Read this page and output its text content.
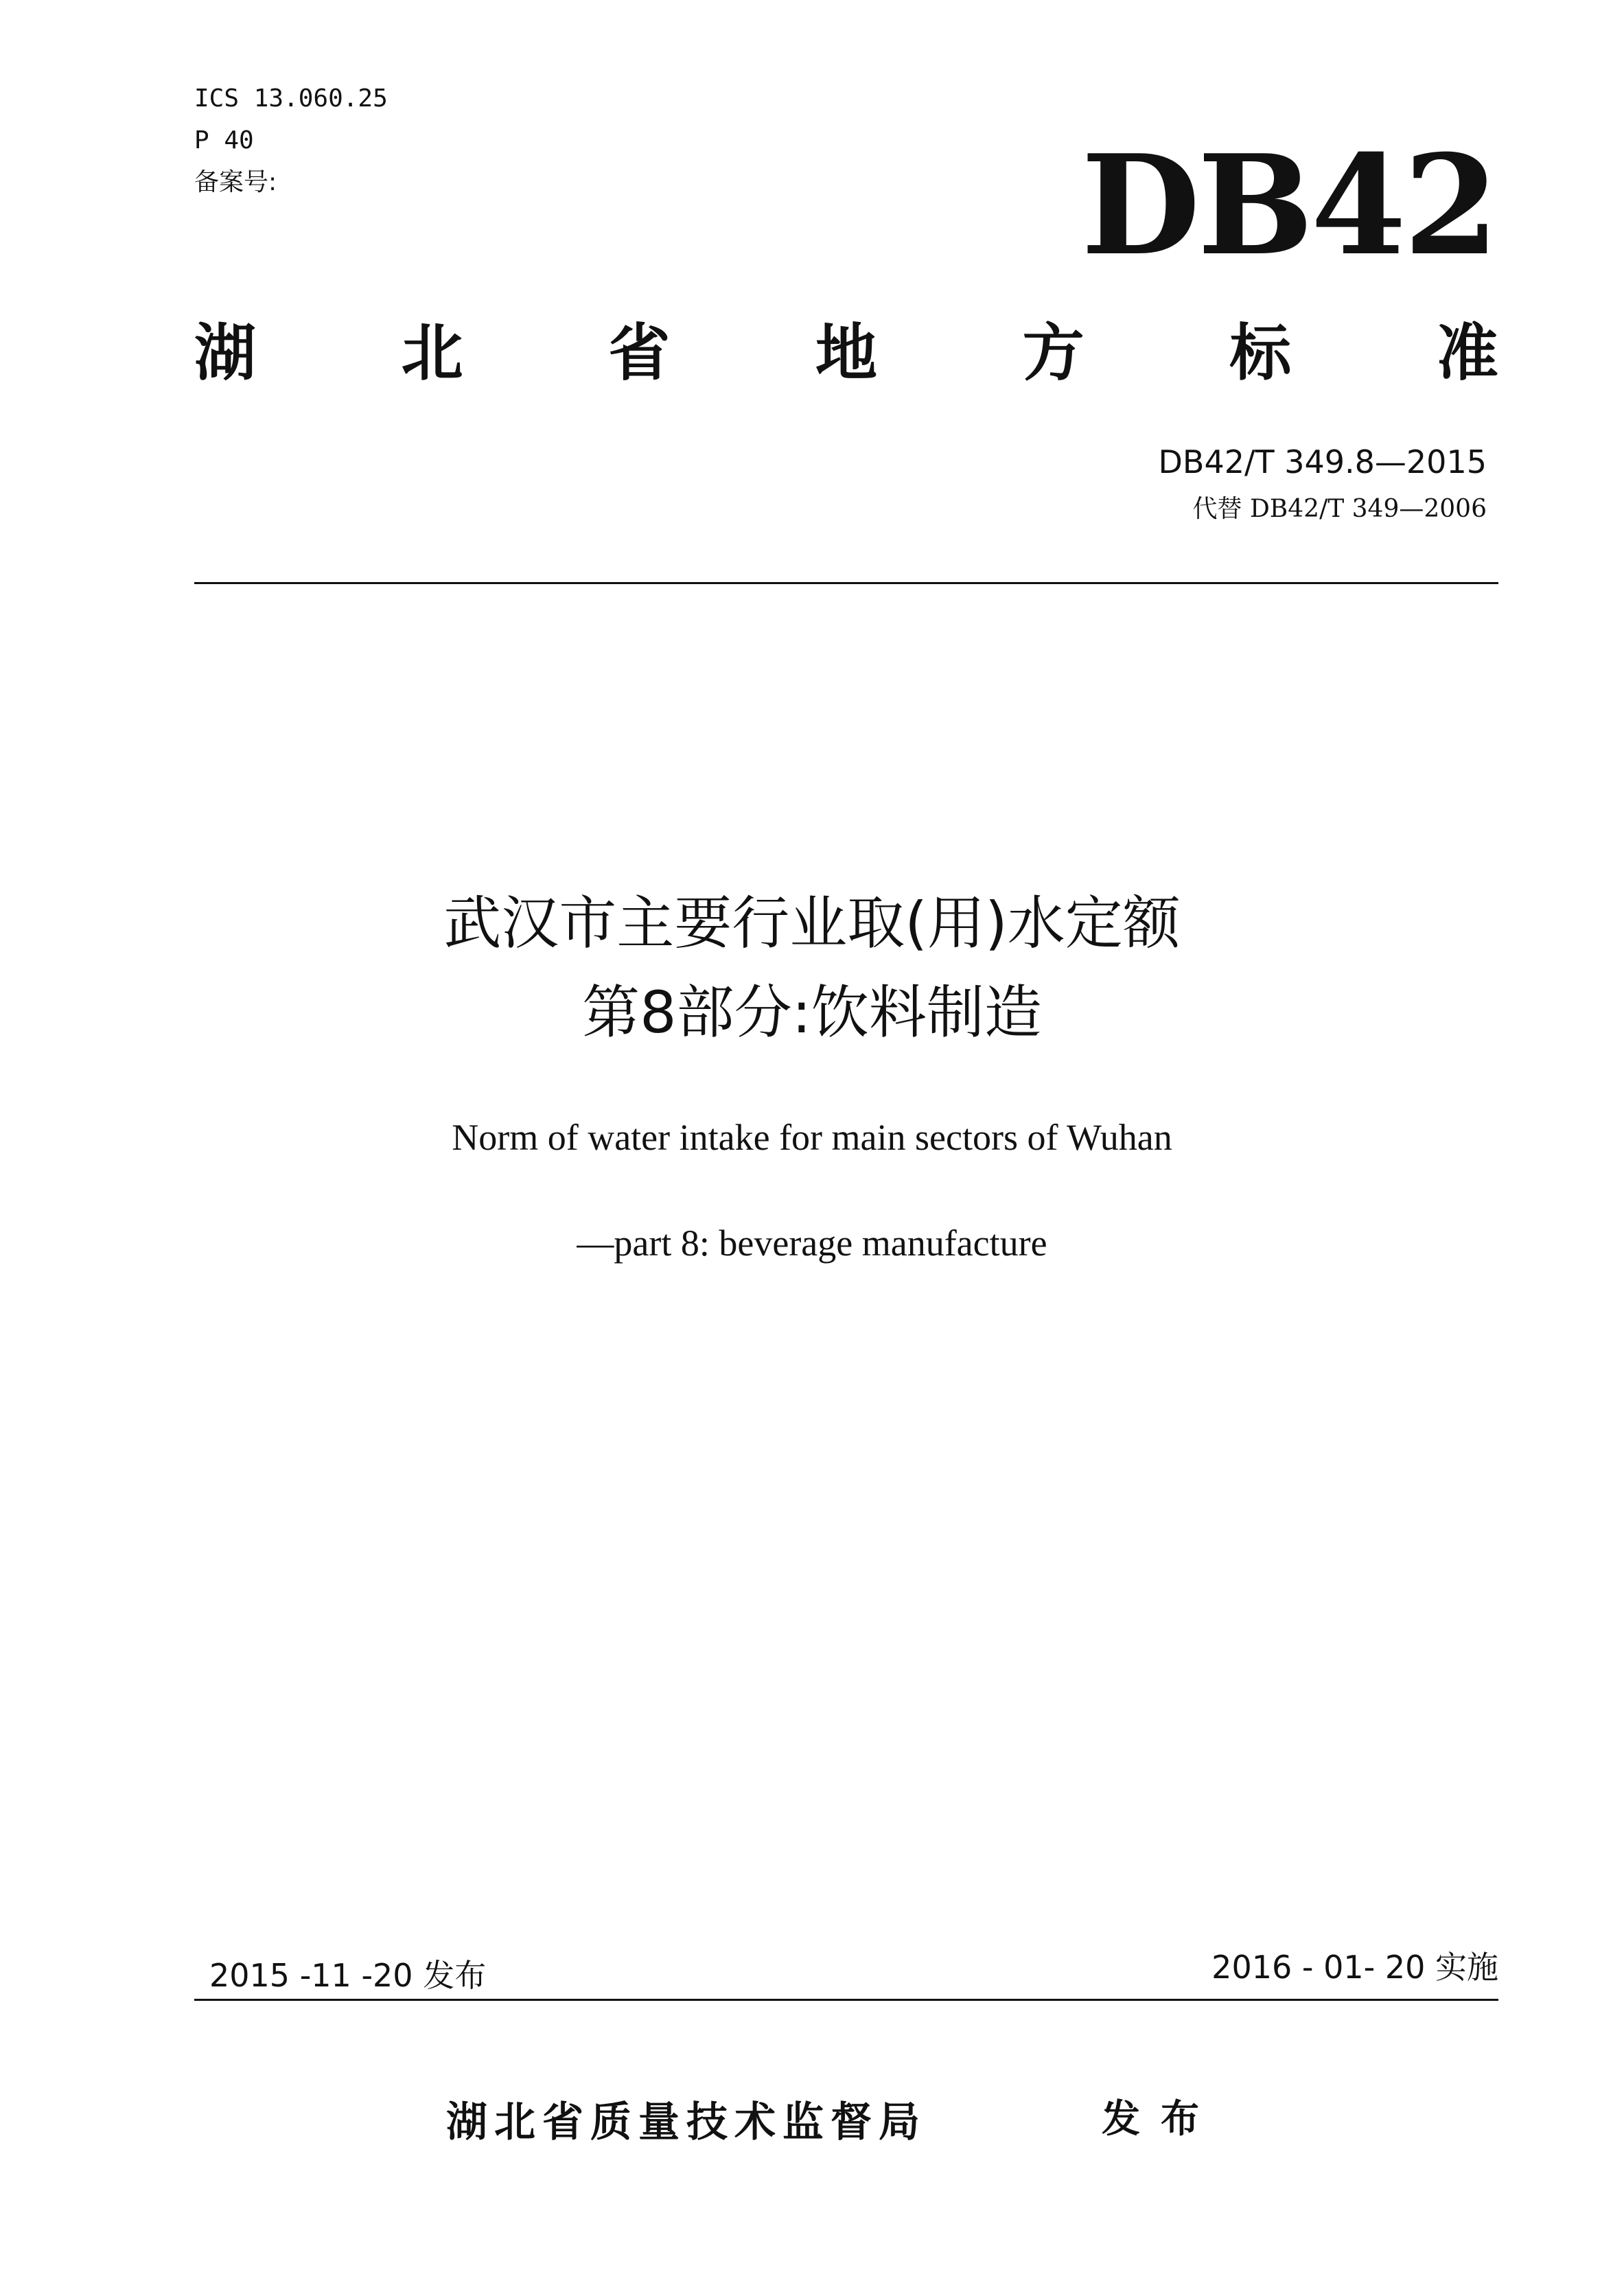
ICS 13.060.25
P 40
备案号:	DB42
湖 北 省 地 方 标 准
DB42/T 349.8—2015
代替 DB42/T 349—2006
武汉市主要行业取(用)水定额
第8部分:饮料制造
Norm of water intake for main sectors of Wuhan
—part 8: beverage manufacture
2015 -11 -20 发布	2016 - 01- 20 实施
湖北省质量技术监督局	发布
